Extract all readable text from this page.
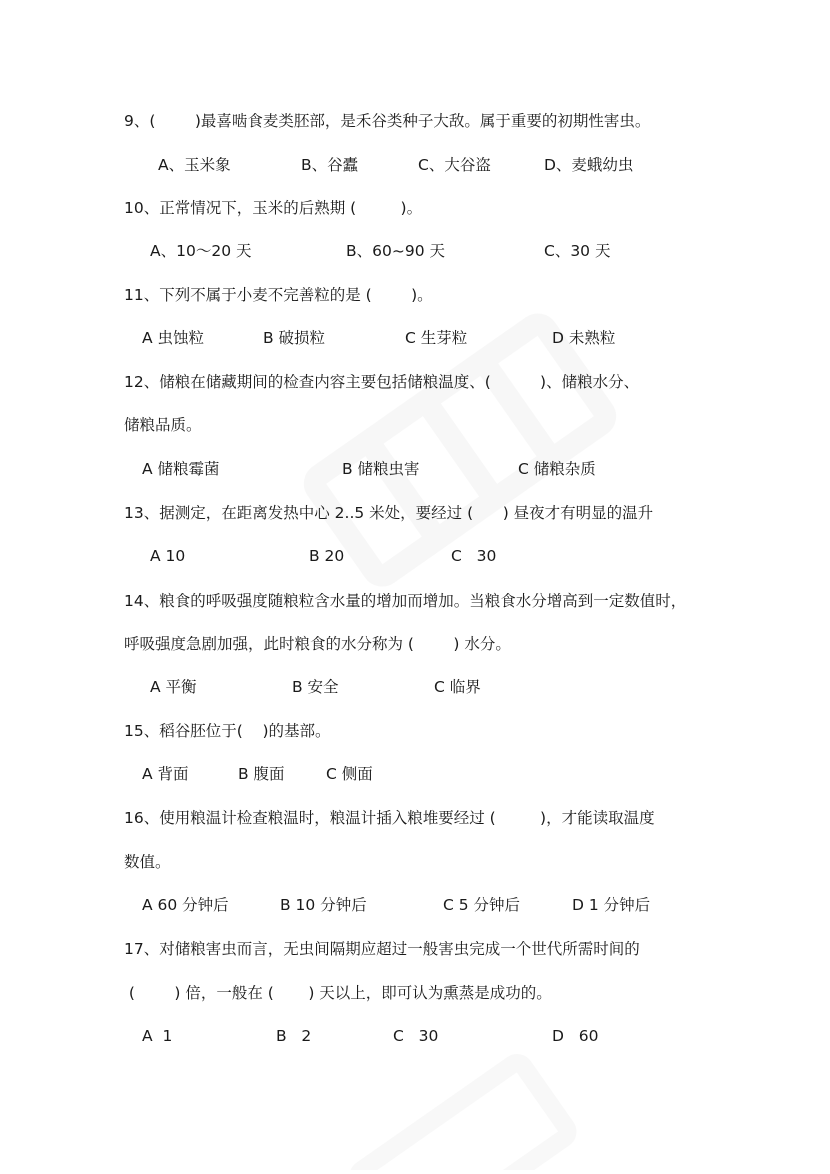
9、(        )最喜啮食麦类胚部，是禾谷类种子大敌。属于重要的初期性害虫。
A、玉米象	B、谷蠹	C、大谷盗	D、麦蛾幼虫
10、正常情况下，玉米的后熟期 (         )。
A、10～20 天	B、60~90 天	C、30 天
11、下列不属于小麦不完善粒的是 (        )。
A 虫蚀粒	B 破损粒	C 生芽粒	D 未熟粒
12、储粮在储藏期间的检查内容主要包括储粮温度、(          )、储粮水分、
储粮品质。
A 储粮霉菌	B 储粮虫害	C 储粮杂质
13、据测定，在距离发热中心 2..5 米处，要经过 (      ) 昼夜才有明显的温升
A 10	B 20	C   30
14、粮食的呼吸强度随粮粒含水量的增加而增加。当粮食水分增高到一定数值时，
呼吸强度急剧加强，此时粮食的水分称为 (        ) 水分。
A 平衡	B 安全	C 临界
15、稻谷胚位于(    )的基部。
A 背面	B 腹面	C 侧面
16、使用粮温计检查粮温时，粮温计插入粮堆要经过 (         )，才能读取温度
数值。
A 60 分钟后	B 10 分钟后	C 5 分钟后	D 1 分钟后
17、对储粮害虫而言，无虫间隔期应超过一般害虫完成一个世代所需时间的
(        ) 倍，一般在 (       ) 天以上，即可认为熏蒸是成功的。
A  1	B   2	C   30	D   60
